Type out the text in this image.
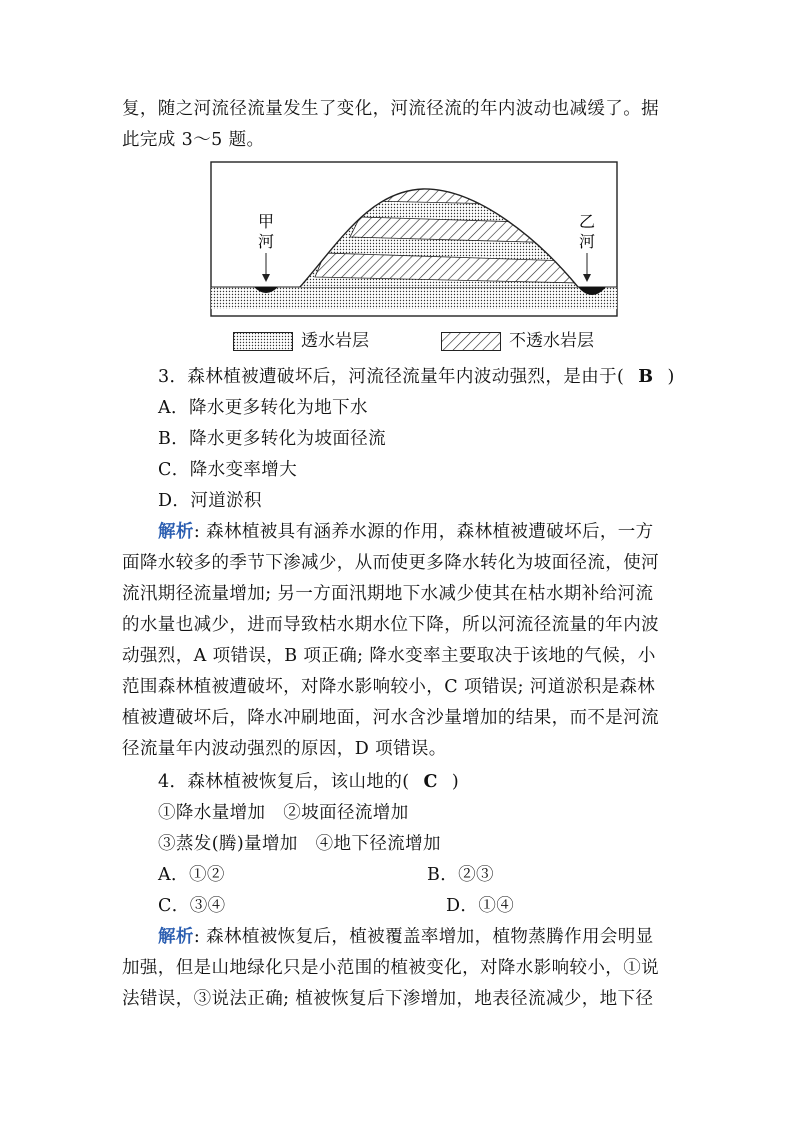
复，随之河流径流量发生了变化，河流径流的年内波动也减缓了。据
此完成 3～5 题。
甲
河
乙
河
透水岩层	不透水岩层
3．森林植被遭破坏后，河流径流量年内波动强烈，是由于( B )
A．降水更多转化为地下水
B．降水更多转化为坡面径流
C．降水变率增大
D．河道淤积
解析: 森林植被具有涵养水源的作用，森林植被遭破坏后，一方
面降水较多的季节下渗减少，从而使更多降水转化为坡面径流，使河
流汛期径流量增加; 另一方面汛期地下水减少使其在枯水期补给河流
的水量也减少，进而导致枯水期水位下降，所以河流径流量的年内波
动强烈，A 项错误，B 项正确; 降水变率主要取决于该地的气候，小
范围森林植被遭破坏，对降水影响较小，C 项错误; 河道淤积是森林
植被遭破坏后，降水冲刷地面，河水含沙量增加的结果，而不是河流
径流量年内波动强烈的原因，D 项错误。
4．森林植被恢复后，该山地的( C )
①降水量增加　②坡面径流增加
③蒸发(腾)量增加　④地下径流增加
A．①②	B．②③
C．③④	D．①④
解析: 森林植被恢复后，植被覆盖率增加，植物蒸腾作用会明显
加强，但是山地绿化只是小范围的植被变化，对降水影响较小，①说
法错误，③说法正确; 植被恢复后下渗增加，地表径流减少，地下径
